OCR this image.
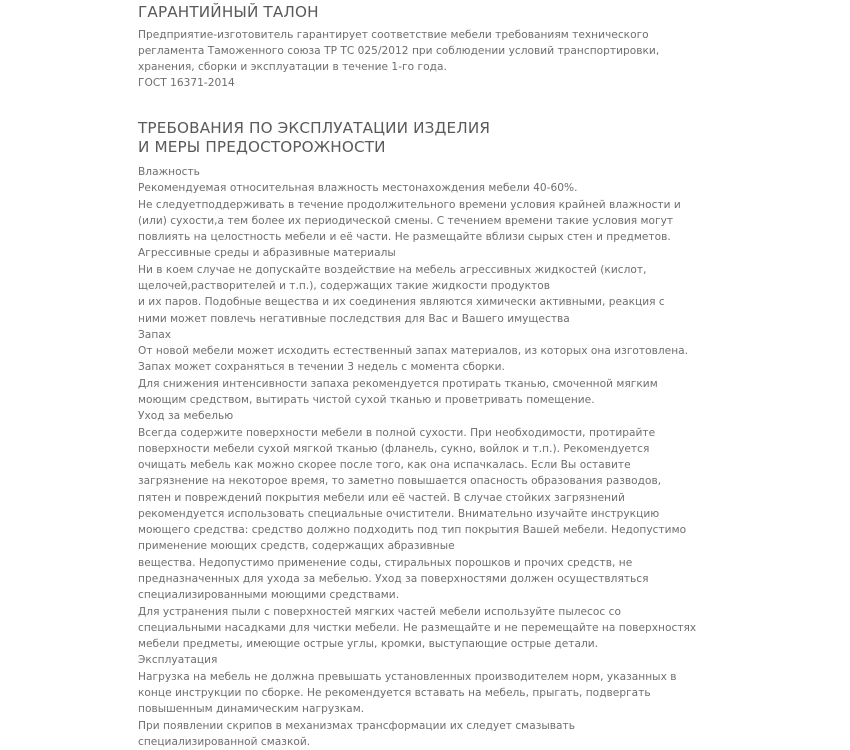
ГАРАНТИЙНЫЙ ТАЛОН
Предприятие-изготовитель гарантирует соответствие мебели требованиям технического
регламента Таможенного союза ТР ТС 025/2012 при соблюдении условий транспортировки,
хранения, сборки и эксплуатации в течение 1-го года.
ГОСТ 16371-2014
ТРЕБОВАНИЯ ПО ЭКСПЛУАТАЦИИ ИЗДЕЛИЯ
И МЕРЫ ПРЕДОСТОРОЖНОСТИ
Влажность
Рекомендуемая относительная влажность местонахождения мебели 40-60%.
Не следуетподдерживать в течение продолжительного времени условия крайней влажности и
(или) сухости,а тем более их периодической смены. С течением времени такие условия могут
повлиять на целостность мебели и её части. Не размещайте вблизи сырых стен и предметов.
Агрессивные среды и абразивные материалы
Ни в коем случае не допускайте воздействие на мебель агрессивных жидкостей (кислот,
щелочей,растворителей и т.п.), содержащих такие жидкости продуктов
и их паров. Подобные вещества и их соединения являются химически активными, реакция с
ними может повлечь негативные последствия для Вас и Вашего имущества
Запах
От новой мебели может исходить естественный запах материалов, из которых она изготовлена.
Запах может сохраняться в течении 3 недель с момента сборки.
Для снижения интенсивности запаха рекомендуется протирать тканью, смоченной мягким
моющим средством, вытирать чистой сухой тканью и проветривать помещение.
Уход за мебелью
Всегда содержите поверхности мебели в полной сухости. При необходимости, протирайте
поверхности мебели сухой мягкой тканью (фланель, сукно, войлок и т.п.). Рекомендуется
очищать мебель как можно скорее после того, как она испачкалась. Если Вы оставите
загрязнение на некоторое время, то заметно повышается опасность образования разводов,
пятен и повреждений покрытия мебели или её частей. В случае стойких загрязнений
рекомендуется использовать специальные очистители. Внимательно изучайте инструкцию
моющего средства: средство должно подходить под тип покрытия Вашей мебели. Недопустимо
применение моющих средств, содержащих абразивные
вещества. Недопустимо применение соды, стиральных порошков и прочих средств, не
предназначенных для ухода за мебелью. Уход за поверхностями должен осуществляться
специализированными моющими средствами.
Для устранения пыли с поверхностей мягких частей мебели используйте пылесос со
специальными насадками для чистки мебели. Не размещайте и не перемещайте на поверхностях
мебели предметы, имеющие острые углы, кромки, выступающие острые детали.
Эксплуатация
Нагрузка на мебель не должна превышать установленных производителем норм, указанных в
конце инструкции по сборке. Не рекомендуется вставать на мебель, прыгать, подвергать
повышенным динамическим нагрузкам.
При появлении скрипов в механизмах трансформации их следует смазывать
специализированной смазкой.
